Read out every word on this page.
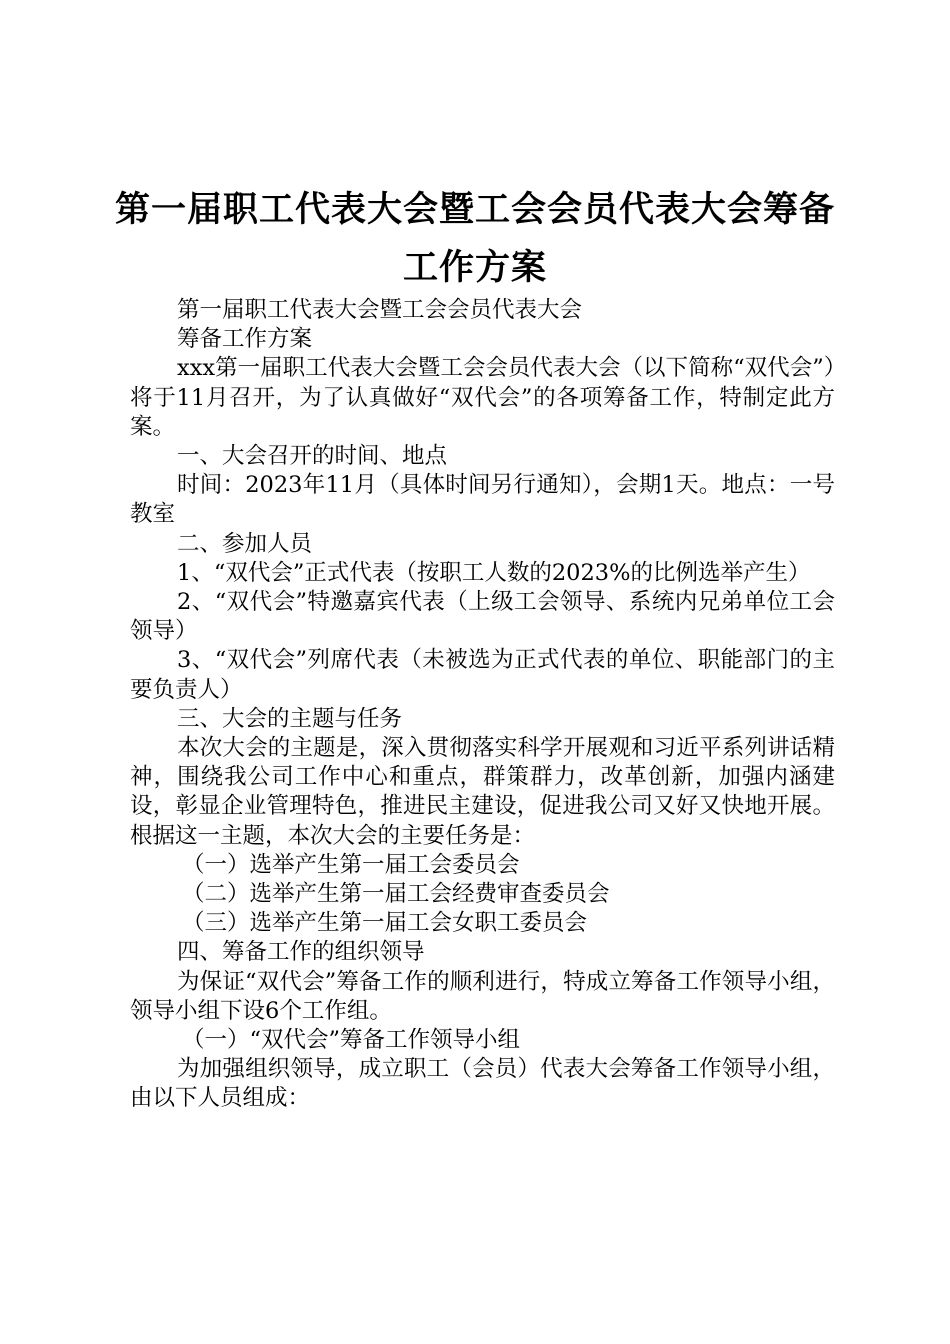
第一届职工代表大会暨工会会员代表大会筹备
工作方案

第一届职工代表大会暨工会会员代表大会

筹备工作方案

xxx第一届职工代表大会暨工会会员代表大会（以下简称“双代会”）将于11月召开，为了认真做好“双代会”的各项筹备工作，特制定此方案。

一、大会召开的时间、地点

时间：2023年11月（具体时间另行通知），会期1天。地点：一号教室

二、参加人员

1、“双代会”正式代表（按职工人数的2023%的比例选举产生）

2、“双代会”特邀嘉宾代表（上级工会领导、系统内兄弟单位工会领导）

3、“双代会”列席代表（未被选为正式代表的单位、职能部门的主要负责人）

三、大会的主题与任务

本次大会的主题是，深入贯彻落实科学开展观和习近平系列讲话精神，围绕我公司工作中心和重点，群策群力，改革创新，加强内涵建设，彰显企业管理特色，推进民主建设，促进我公司又好又快地开展。根据这一主题，本次大会的主要任务是：

（一）选举产生第一届工会委员会

（二）选举产生第一届工会经费审查委员会

（三）选举产生第一届工会女职工委员会

四、筹备工作的组织领导

为保证“双代会”筹备工作的顺利进行，特成立筹备工作领导小组，领导小组下设6个工作组。

（一）“双代会”筹备工作领导小组

为加强组织领导，成立职工（会员）代表大会筹备工作领导小组，由以下人员组成：
